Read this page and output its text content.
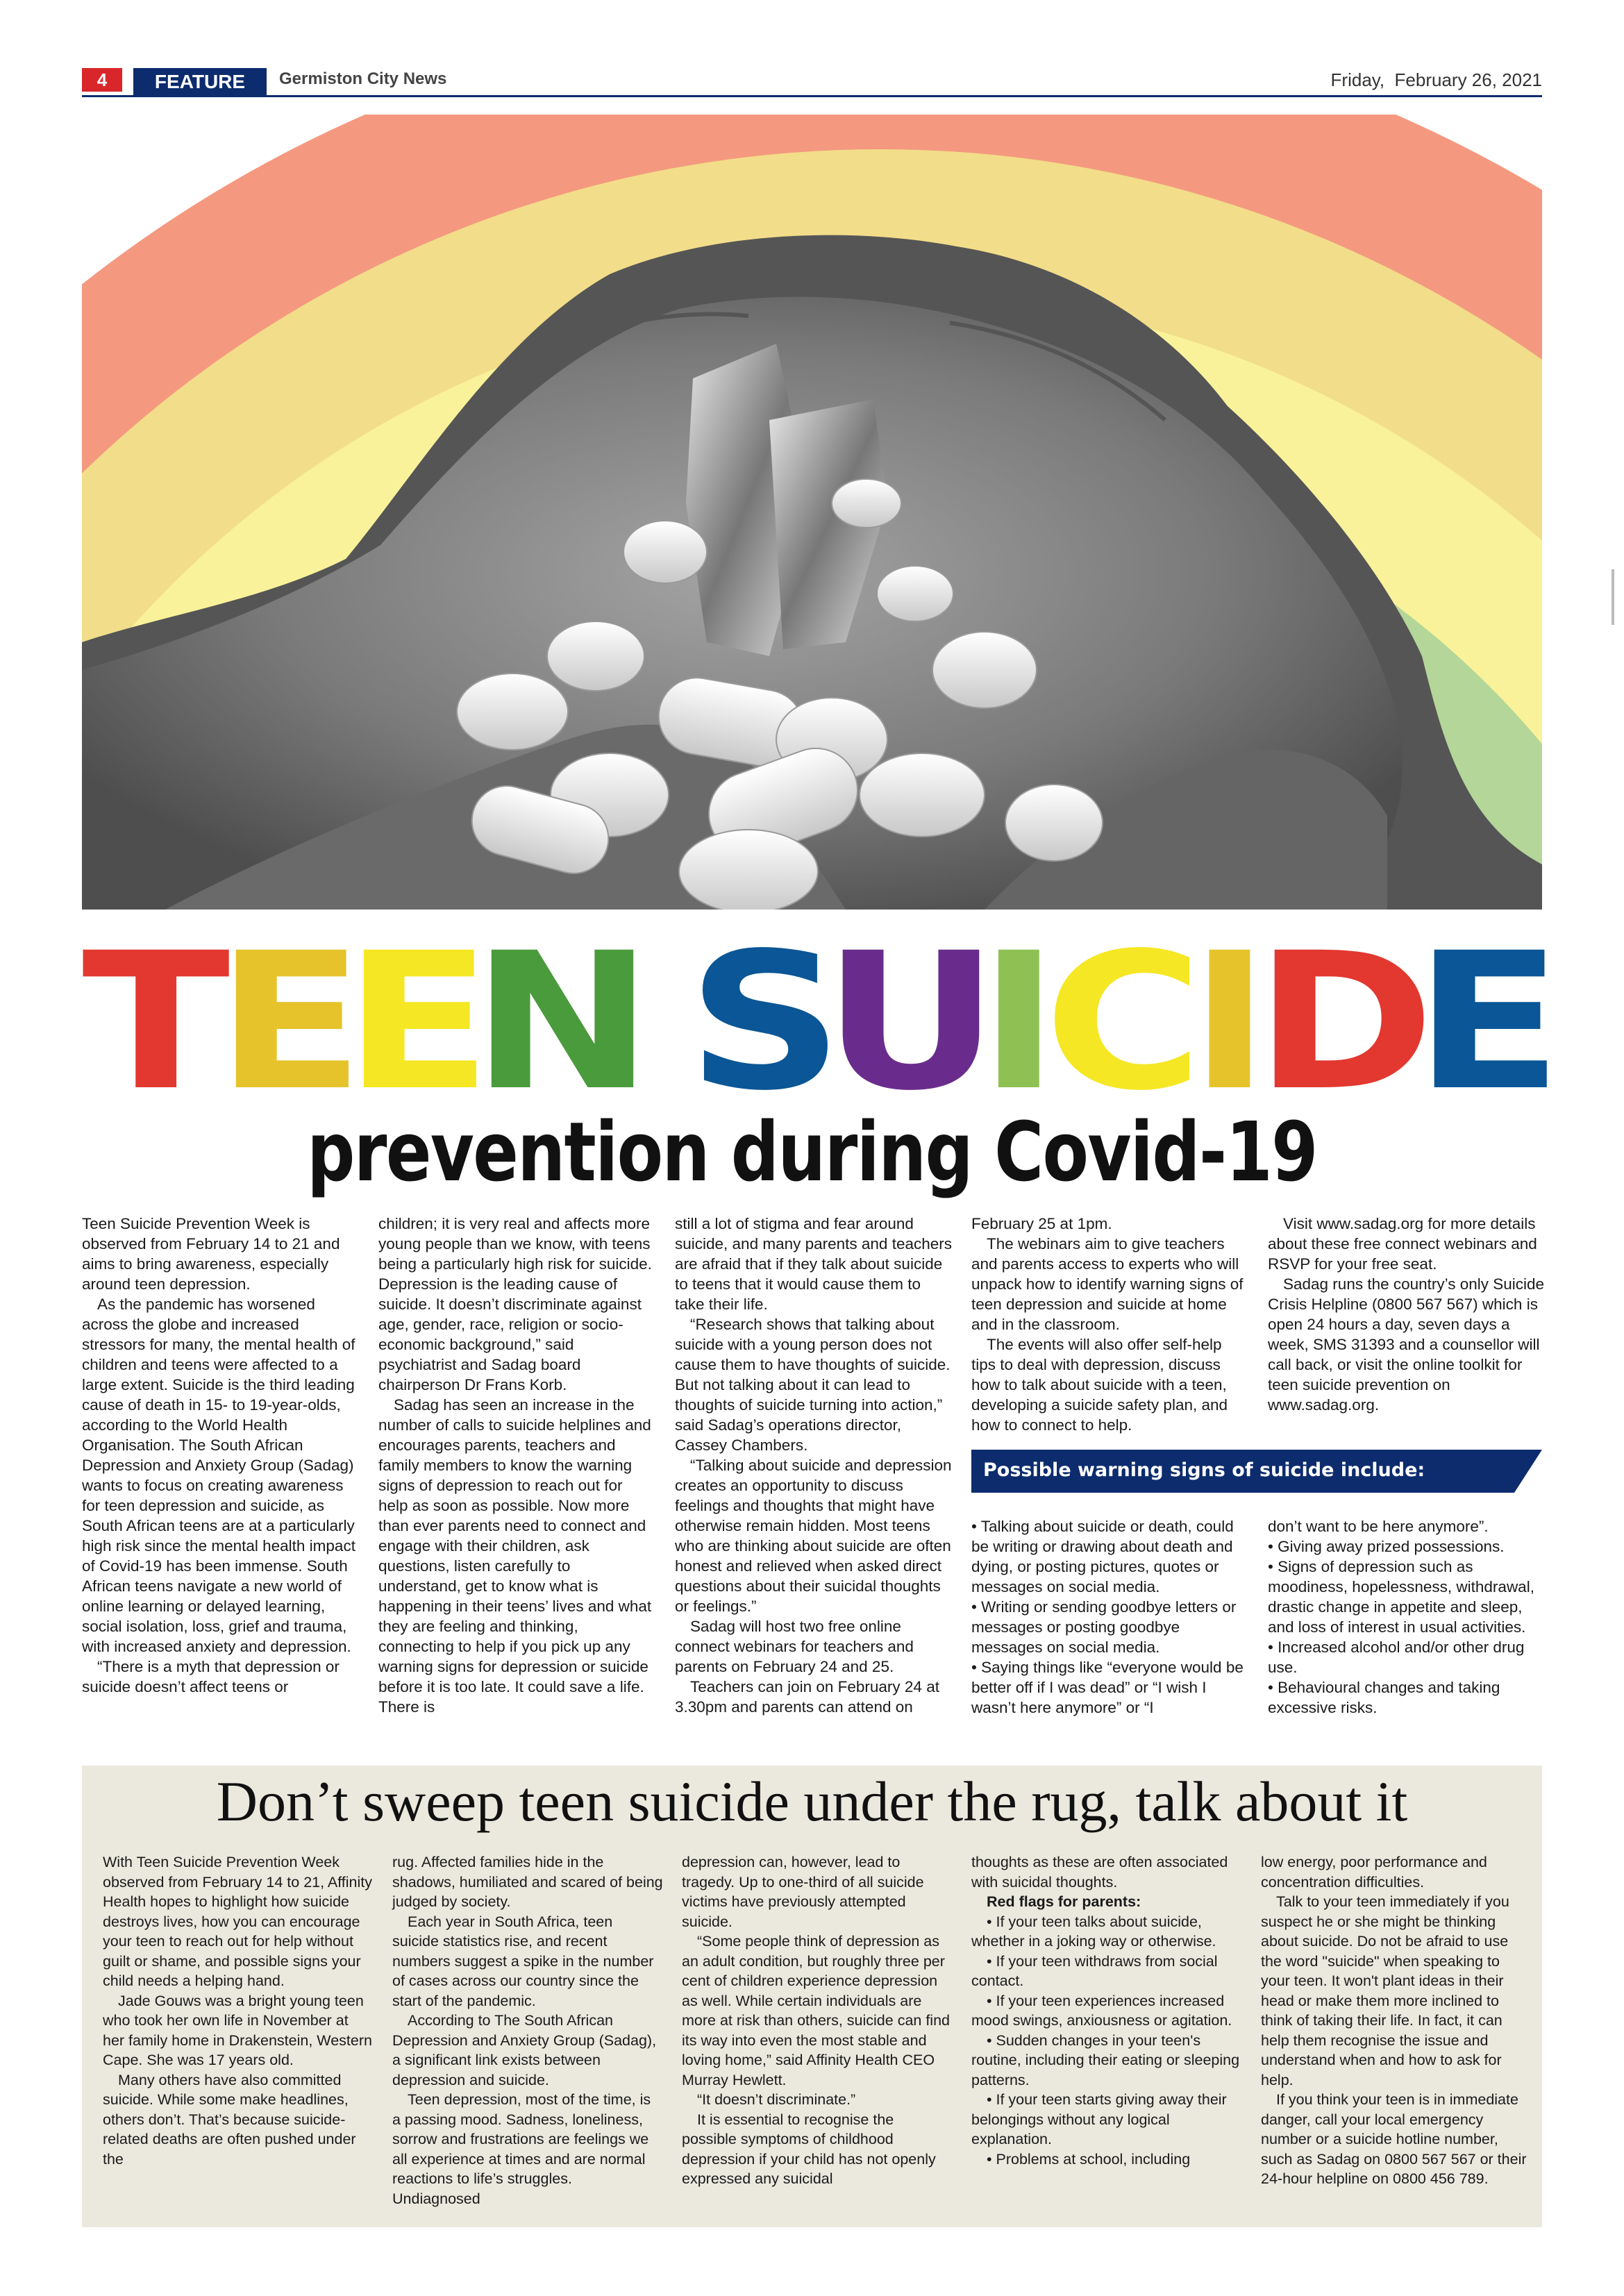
4	FEATURE	Germiston City News	Friday,  February 26, 2021
T
E
E
N S
U
I
C
I
D
E
prevention during Covid-19

Teen Suicide Prevention Week is observed from February 14 to 21 and aims to bring awareness, especially around teen depression.

As the pandemic has worsened across the globe and increased stressors for many, the mental health of children and teens were affected to a large extent. Suicide is the third leading cause of death in 15- to 19-year-olds, according to the World Health Organisation. The South African Depression and Anxiety Group (Sadag) wants to focus on creating awareness for teen depression and suicide, as South African teens are at a particularly high risk since the mental health impact of Covid-19 has been immense. South African teens navigate a new world of online learning or delayed learning, social isolation, loss, grief and trauma, with increased anxiety and depression.

“There is a myth that depression or suicide doesn’t affect teens or

children; it is very real and affects more young people than we know, with teens being a particularly high risk for suicide. Depression is the leading cause of suicide. It doesn’t discriminate against age, gender, race, religion or socio-economic background,” said psychiatrist and Sadag board chairperson Dr Frans Korb.

Sadag has seen an increase in the number of calls to suicide helplines and encourages parents, teachers and family members to know the warning signs of depression to reach out for help as soon as possible. Now more than ever parents need to connect and engage with their children, ask questions, listen carefully to understand, get to know what is happening in their teens’ lives and what they are feeling and thinking, connecting to help if you pick up any warning signs for depression or suicide before it is too late. It could save a life. There is

still a lot of stigma and fear around suicide, and many parents and teachers are afraid that if they talk about suicide to teens that it would cause them to take their life.

“Research shows that talking about suicide with a young person does not cause them to have thoughts of suicide. But not talking about it can lead to thoughts of suicide turning into action,” said Sadag’s operations director, Cassey Chambers.

“Talking about suicide and depression creates an opportunity to discuss feelings and thoughts that might have otherwise remain hidden. Most teens who are thinking about suicide are often honest and relieved when asked direct questions about their suicidal thoughts or feelings.”

Sadag will host two free online connect webinars for teachers and parents on February 24 and 25.

Teachers can join on February 24 at 3.30pm and parents can attend on

February 25 at 1pm.

The webinars aim to give teachers and parents access to experts who will unpack how to identify warning signs of teen depression and suicide at home and in the classroom.

The events will also offer self-help tips to deal with depression, discuss how to talk about suicide with a teen, developing a suicide safety plan, and how to connect to help.

Visit www.sadag.org for more details about these free connect webinars and RSVP for your free seat.

Sadag runs the country’s only Suicide Crisis Helpline (0800 567 567) which is open 24 hours a day, seven days a week, SMS 31393 and a counsellor will call back, or visit the online toolkit for teen suicide prevention on www.sadag.org.

Possible warning signs of suicide include:
• Talking about suicide or death, could be writing or drawing about death and dying, or posting pictures, quotes or messages on social media.
• Writing or sending goodbye letters or messages or posting goodbye messages on social media.
• Saying things like “everyone would be better off if I was dead” or “I wish I wasn’t here anymore” or “I
don’t want to be here anymore”.
• Giving away prized possessions.
• Signs of depression such as moodiness, hopelessness, withdrawal, drastic change in appetite and sleep, and loss of interest in usual activities.
• Increased alcohol and/or other drug use.
• Behavioural changes and taking excessive risks.
Don’t sweep teen suicide under the rug, talk about it

With Teen Suicide Prevention Week observed from February 14 to 21, Affinity Health hopes to highlight how suicide destroys lives, how you can encourage your teen to reach out for help without guilt or shame, and possible signs your child needs a helping hand.

Jade Gouws was a bright young teen who took her own life in November at her family home in Drakenstein, Western Cape. She was 17 years old.

Many others have also committed suicide. While some make headlines, others don’t. That’s because suicide-related deaths are often pushed under the

rug. Affected families hide in the shadows, humiliated and scared of being judged by society.

Each year in South Africa, teen suicide statistics rise, and recent numbers suggest a spike in the number of cases across our country since the start of the pandemic.

According to The South African Depression and Anxiety Group (Sadag), a significant link exists between depression and suicide.

Teen depression, most of the time, is a passing mood. Sadness, loneliness, sorrow and frustrations are feelings we all experience at times and are normal reactions to life’s struggles. Undiagnosed

depression can, however, lead to tragedy. Up to one-third of all suicide victims have previously attempted suicide.

“Some people think of depression as an adult condition, but roughly three per cent of children experience depression as well. While certain individuals are more at risk than others, suicide can find its way into even the most stable and loving home,” said Affinity Health CEO Murray Hewlett.

“It doesn’t discriminate.”

It is essential to recognise the possible symptoms of childhood depression if your child has not openly expressed any suicidal

thoughts as these are often associated with suicidal thoughts.

Red flags for parents:

• If your teen talks about suicide, whether in a joking way or otherwise.

• If your teen withdraws from social contact.

• If your teen experiences increased mood swings, anxiousness or agitation.

• Sudden changes in your teen's routine, including their eating or sleeping patterns.

• If your teen starts giving away their belongings without any logical explanation.

• Problems at school, including

low energy, poor performance and concentration difficulties.

Talk to your teen immediately if you suspect he or she might be thinking about suicide. Do not be afraid to use the word "suicide" when speaking to your teen. It won't plant ideas in their head or make them more inclined to think of taking their life. In fact, it can help them recognise the issue and understand when and how to ask for help.

If you think your teen is in immediate danger, call your local emergency number or a suicide hotline number, such as Sadag on 0800 567 567 or their 24-hour helpline on 0800 456 789.
